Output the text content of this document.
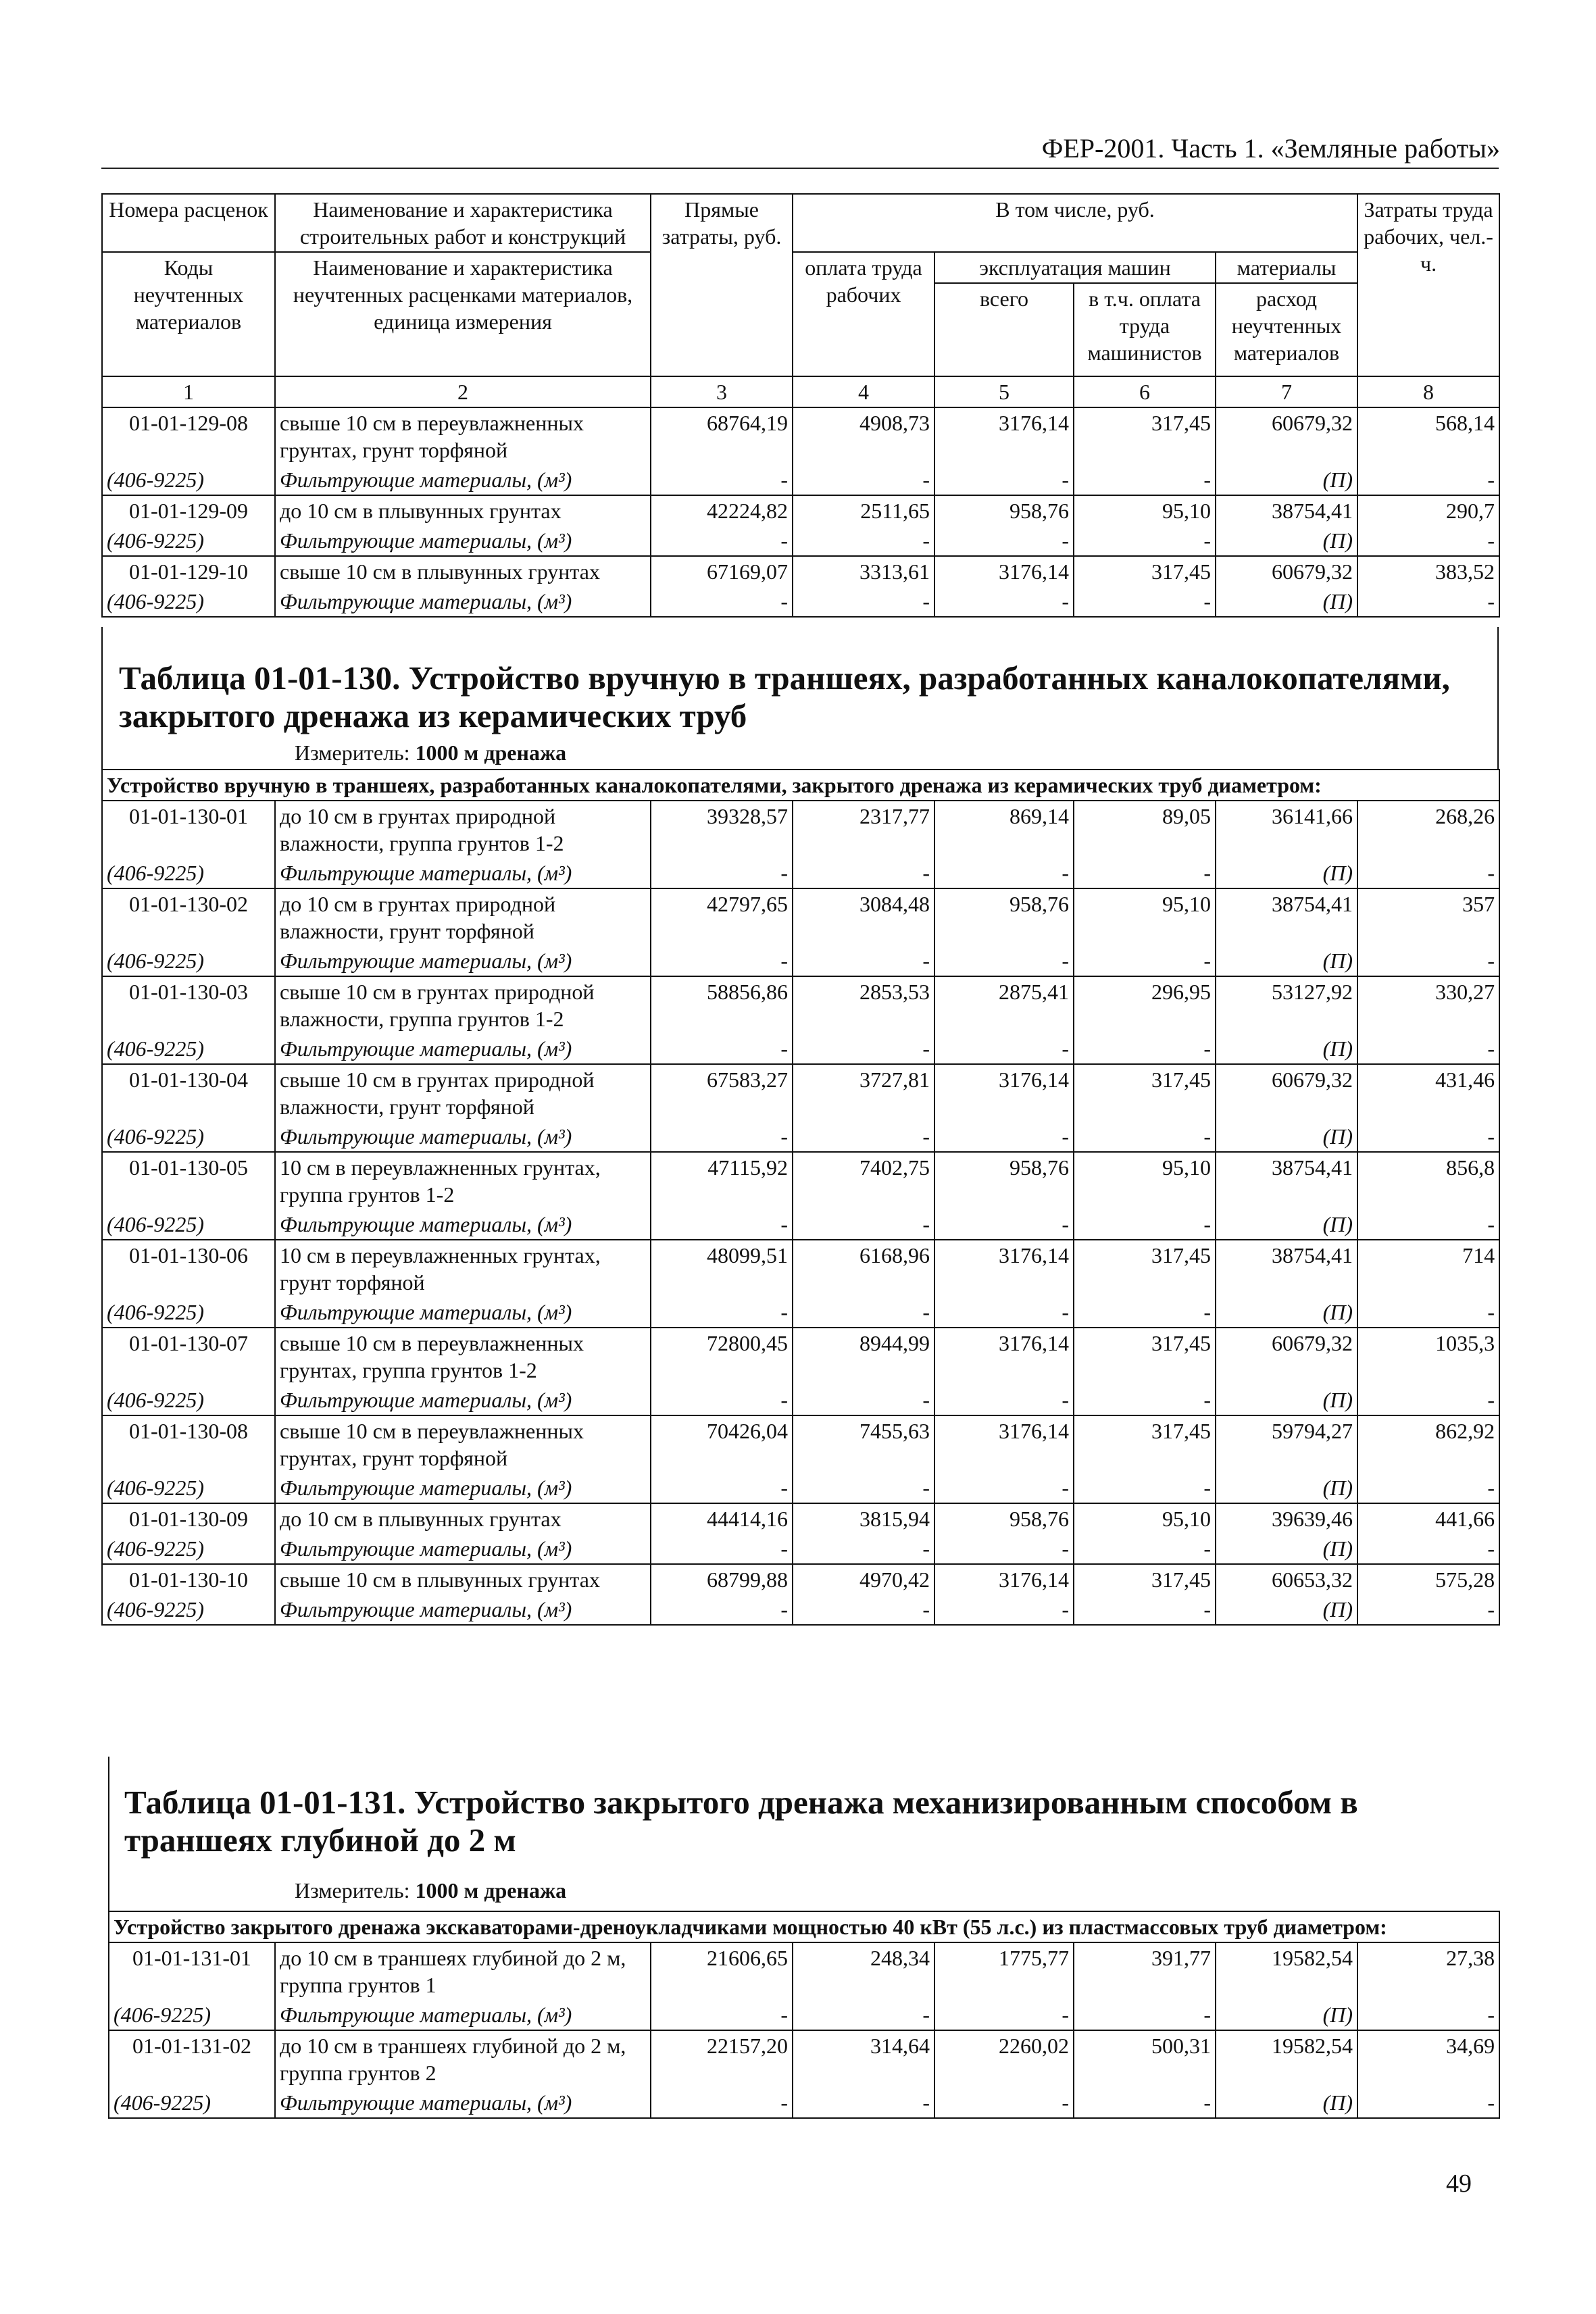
ФЕР-2001. Часть 1. «Земляные работы»
Номера расценок	Наименование и характеристика строительных работ и конструкций	Прямые затраты, руб.	В том числе, руб.				Затраты труда рабочих, чел.-ч.
Коды неучтенных материалов	Наименование и характеристика неучтенных расценками материалов, единица измерения		оплата труда рабочих	эксплуатация машин		материалы	
				всего	в т.ч. оплата труда машинистов	расход неучтенных материалов	
1	2	3	4	5	6	7	8
01-01-129-08	свыше 10 см в переувлажненных грунтах, грунт торфяной	68764,19	4908,73	3176,14	317,45	60679,32	568,14
(406-9225)	Фильтрующие материалы, (м³)	-	-	-	-	(П)	-
01-01-129-09	до 10 см в плывунных грунтах	42224,82	2511,65	958,76	95,10	38754,41	290,7
(406-9225)	Фильтрующие материалы, (м³)	-	-	-	-	(П)	-
01-01-129-10	свыше 10 см в плывунных грунтах	67169,07	3313,61	3176,14	317,45	60679,32	383,52
(406-9225)	Фильтрующие материалы, (м³)	-	-	-	-	(П)	-
Таблица 01-01-130. Устройство вручную в траншеях, разработанных каналокопателями, закрытого дренажа из керамических труб
Измеритель: 1000 м дренажа
Устройство вручную в траншеях, разработанных каналокопателями, закрытого дренажа из керамических труб диаметром:							
01-01-130-01	до 10 см в грунтах природной влажности, группа грунтов 1-2	39328,57	2317,77	869,14	89,05	36141,66	268,26
(406-9225)	Фильтрующие материалы, (м³)	-	-	-	-	(П)	-
01-01-130-02	до 10 см в грунтах природной влажности, грунт торфяной	42797,65	3084,48	958,76	95,10	38754,41	357
(406-9225)	Фильтрующие материалы, (м³)	-	-	-	-	(П)	-
01-01-130-03	свыше 10 см в грунтах природной влажности, группа грунтов 1-2	58856,86	2853,53	2875,41	296,95	53127,92	330,27
(406-9225)	Фильтрующие материалы, (м³)	-	-	-	-	(П)	-
01-01-130-04	свыше 10 см в грунтах природной влажности, грунт торфяной	67583,27	3727,81	3176,14	317,45	60679,32	431,46
(406-9225)	Фильтрующие материалы, (м³)	-	-	-	-	(П)	-
01-01-130-05	10 см в переувлажненных грунтах, группа грунтов 1-2	47115,92	7402,75	958,76	95,10	38754,41	856,8
(406-9225)	Фильтрующие материалы, (м³)	-	-	-	-	(П)	-
01-01-130-06	10 см в переувлажненных грунтах, грунт торфяной	48099,51	6168,96	3176,14	317,45	38754,41	714
(406-9225)	Фильтрующие материалы, (м³)	-	-	-	-	(П)	-
01-01-130-07	свыше 10 см в переувлажненных грунтах, группа грунтов 1-2	72800,45	8944,99	3176,14	317,45	60679,32	1035,3
(406-9225)	Фильтрующие материалы, (м³)	-	-	-	-	(П)	-
01-01-130-08	свыше 10 см в переувлажненных грунтах, грунт торфяной	70426,04	7455,63	3176,14	317,45	59794,27	862,92
(406-9225)	Фильтрующие материалы, (м³)	-	-	-	-	(П)	-
01-01-130-09	до 10 см в плывунных грунтах	44414,16	3815,94	958,76	95,10	39639,46	441,66
(406-9225)	Фильтрующие материалы, (м³)	-	-	-	-	(П)	-
01-01-130-10	свыше 10 см в плывунных грунтах	68799,88	4970,42	3176,14	317,45	60653,32	575,28
(406-9225)	Фильтрующие материалы, (м³)	-	-	-	-	(П)	-
Таблица 01-01-131. Устройство закрытого дренажа механизированным способом в траншеях глубиной до 2 м
Измеритель: 1000 м дренажа
Устройство закрытого дренажа экскаваторами-дреноукладчиками мощностью 40 кВт (55 л.с.) из пластмассовых труб диаметром:							
01-01-131-01	до 10 см в траншеях глубиной до 2 м, группа грунтов 1	21606,65	248,34	1775,77	391,77	19582,54	27,38
(406-9225)	Фильтрующие материалы, (м³)	-	-	-	-	(П)	-
01-01-131-02	до 10 см в траншеях глубиной до 2 м, группа грунтов 2	22157,20	314,64	2260,02	500,31	19582,54	34,69
(406-9225)	Фильтрующие материалы, (м³)	-	-	-	-	(П)	-
49
